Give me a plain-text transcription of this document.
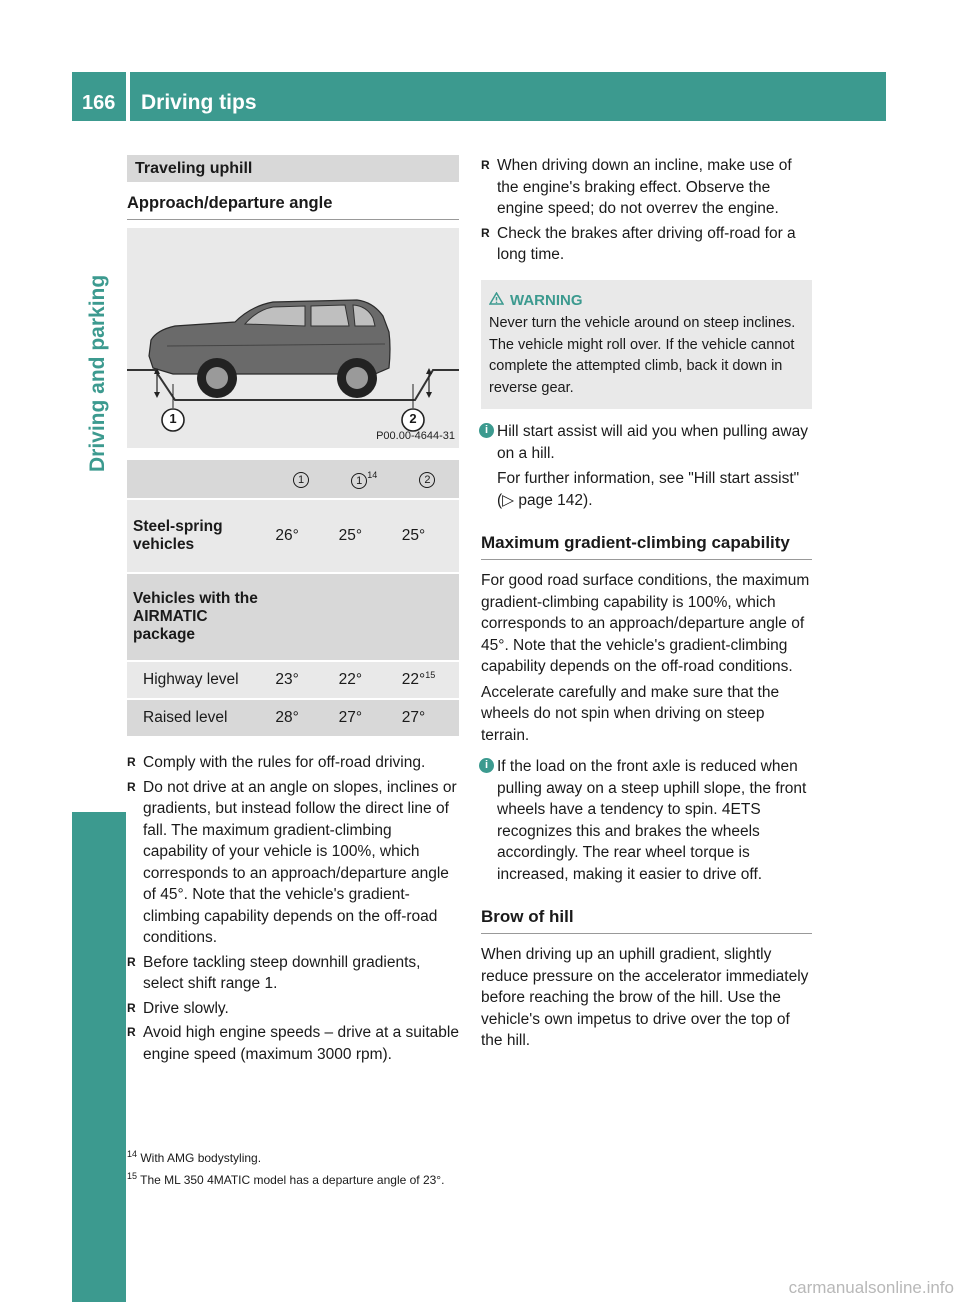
166	Driving tips
Driving and parking
Traveling uphill
Approach/departure angle
1	2
P00.00-4644-31
	1	1 $^{14}$	2

Steel-spring vehicles	26°	25°	25°

Vehicles with the AIRMATIC package			

Highway level	23°	22°	22°$^{15}$

Raised level	28°	27°	27°
R Comply with the rules for off-road driving.
R Do not drive at an angle on slopes, inclines or gradients, but instead follow the direct line of fall. The maximum gradient-climbing capability of your vehicle is 100%, which corresponds to an approach/departure angle of 45°. Note that the vehicle's gradient-climbing capability depends on the off-road conditions.
R Before tackling steep downhill gradients, select shift range 1.
R Drive slowly.
R Avoid high engine speeds – drive at a suitable engine speed (maximum 3000 rpm).
R When driving down an incline, make use of the engine's braking effect. Observe the engine speed; do not overrev the engine.
R Check the brakes after driving off-road for a long time.
WARNING
Never turn the vehicle around on steep inclines. The vehicle might roll over. If the vehicle cannot complete the attempted climb, back it down in reverse gear.
i Hill start assist will aid you when pulling away on a hill.

For further information, see "Hill start assist" (▷ page 142).

Maximum gradient-climbing capability

For good road surface conditions, the maximum gradient-climbing capability is 100%, which corresponds to an approach/departure angle of 45°. Note that the vehicle's gradient-climbing capability depends on the off-road conditions.

Accelerate carefully and make sure that the wheels do not spin when driving on steep terrain.

i If the load on the front axle is reduced when pulling away on a steep uphill slope, the front wheels have a tendency to spin. 4ETS recognizes this and brakes the wheels accordingly. The rear wheel torque is increased, making it easier to drive off.

Brow of hill

When driving up an uphill gradient, slightly reduce pressure on the accelerator immediately before reaching the brow of the hill. Use the vehicle's own impetus to drive over the top of the hill.

$^{14}$ With AMG bodystyling.
$^{15}$ The ML 350 4MATIC model has a departure angle of 23°.
carmanualsonline.info
